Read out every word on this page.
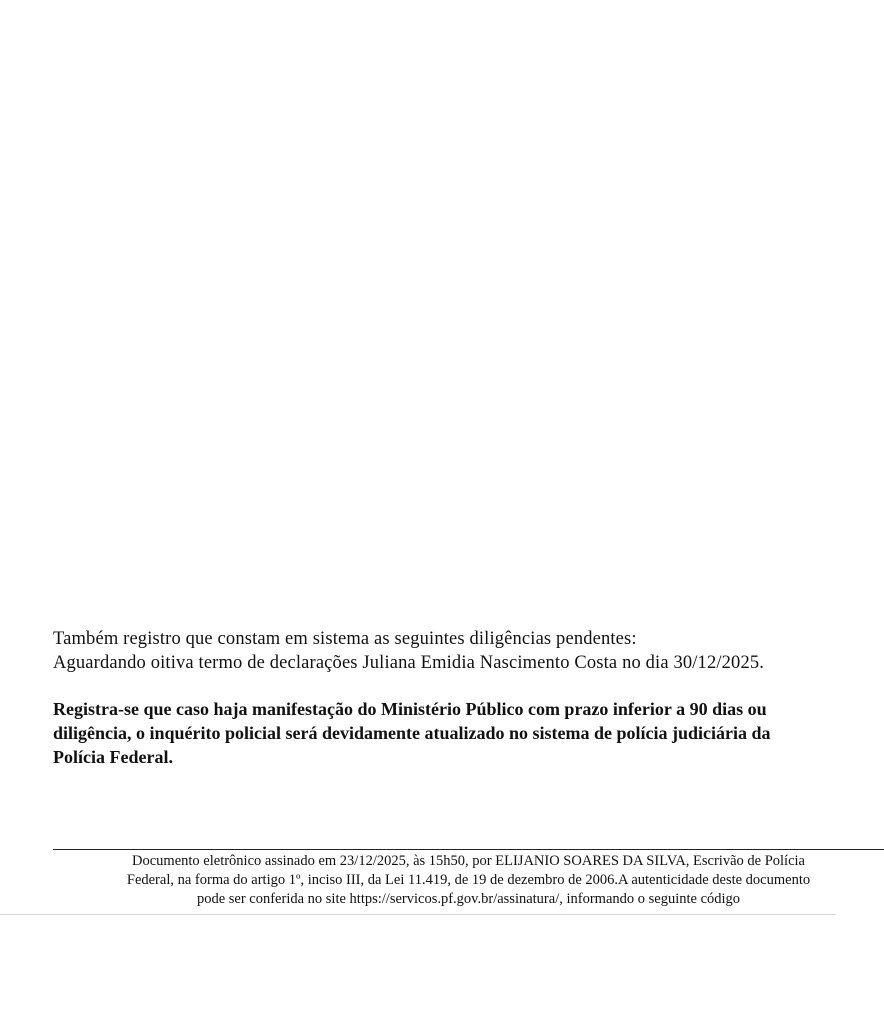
Também registro que constam em sistema as seguintes diligências pendentes:
Aguardando oitiva termo de declarações Juliana Emidia Nascimento Costa no dia 30/12/2025.
Registra-se que caso haja manifestação do Ministério Público com prazo inferior a 90 dias ou
diligência, o inquérito policial será devidamente atualizado no sistema de polícia judiciária da
Polícia Federal.
Documento eletrônico assinado em 23/12/2025, às 15h50, por ELIJANIO SOARES DA SILVA, Escrivão de Polícia
Federal, na forma do artigo 1º, inciso III, da Lei 11.419, de 19 de dezembro de 2006.A autenticidade deste documento
pode ser conferida no site https://servicos.pf.gov.br/assinatura/, informando o seguinte código
